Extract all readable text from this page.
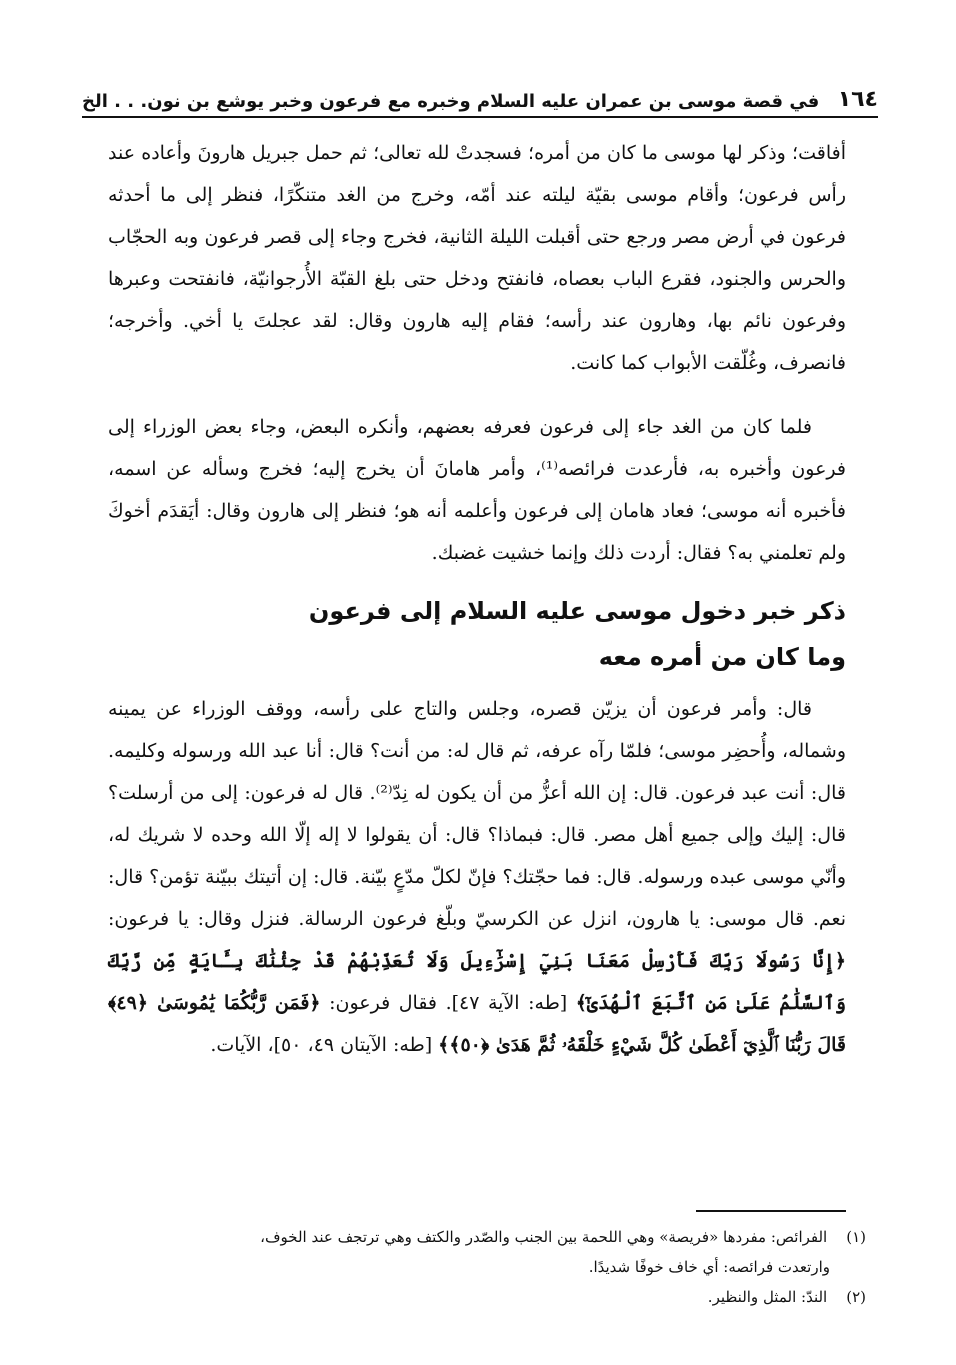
١٦٤
في قصة موسى بن عمران عليه السلام وخبره مع فرعون وخبر يوشع بن نون. . . الخ

أفاقت؛ وذكر لها موسى ما كان من أمره؛ فسجدتْ لله تعالى؛ ثم حمل جبريل هارونَ وأعاده عند رأس فرعون؛ وأقام موسى بقيّة ليلته عند أمّه، وخرج من الغد متنكّرًا، فنظر إلى ما أحدثه فرعون في أرض مصر ورجع حتى أقبلت الليلة الثانية، فخرج وجاء إلى قصر فرعون وبه الحجّاب والحرس والجنود، فقرع الباب بعصاه، فانفتح ودخل حتى بلغ القبّة الأُرجوانيّة، فانفتحت وعبرها وفرعون نائم بها، وهارون عند رأسه؛ فقام إليه هارون وقال: لقد عجلتَ يا أخي. وأخرجه؛ فانصرف، وغُلّقت الأبواب كما كانت.

فلما كان من الغد جاء إلى فرعون فعرفه بعضهم، وأنكره البعض، وجاء بعض الوزراء إلى فرعون وأخبره به، فأرعدت فرائصه⁽¹⁾، وأمر هامانَ أن يخرج إليه؛ فخرج وسأله عن اسمه، فأخبره أنه موسى؛ فعاد هامان إلى فرعون وأعلمه أنه هو؛ فنظر إلى هارون وقال: أيَقدَم أخوكَ ولم تعلمني به؟ فقال: أردت ذلك وإنما خشيت غضبك.

ذكر خبر دخول موسى عليه السلام إلى فرعون
وما كان من أمره معه

قال: وأمر فرعون أن يزيّن قصره، وجلس والتاج على رأسه، ووقف الوزراء عن يمينه وشماله، وأُحضِر موسى؛ فلمّا رآه عرفه، ثم قال له: من أنت؟ قال: أنا عبد الله ورسوله وكليمه. قال: أنت عبد فرعون. قال: إن الله أعزُّ من أن يكون له نِدّ⁽²⁾. قال له فرعون: إلى من أرسلت؟ قال: إليك وإلى جميع أهل مصر. قال: فبماذا؟ قال: أن يقولوا لا إله إلّا الله وحده لا شريك له، وأنّي موسى عبده ورسوله. قال: فما حجّتك؟ فإنّ لكلّ مدّعٍ بيّنة. قال: إن أتيتك ببيّنة تؤمن؟ قال: نعم. قال موسى: يا هارون، انزل عن الكرسيّ وبلّغ فرعون الرسالة. فنزل وقال: يا فرعون: ﴿إِنَّا رَسُولَا رَبِّكَ فَأَرْسِلْ مَعَنَا بَنِيٓ إِسْرَٰٓءِيلَ وَلَا تُعَذِّبْهُمْ قَدْ جِئْنَٰكَ بِـَٔايَةٍ مِّن رَّبِّكَ وَٱلسَّلَٰمُ عَلَىٰ مَنِ ٱتَّبَعَ ٱلْهُدَىٰٓ﴾ [طه: الآية ٤٧]. فقال فرعون: ﴿فَمَن رَّبُّكُمَا يَٰمُوسَىٰ ﴿٤٩﴾ قَالَ رَبُّنَا ٱلَّذِيٓ أَعْطَىٰ كُلَّ شَيْءٍ خَلْقَهُۥ ثُمَّ هَدَىٰ ﴿٥٠﴾﴾ [طه: الآيتان ٤٩، ٥٠]، الآيات.

(١) الفرائص: مفردها «فريصة» وهي اللحمة بين الجنب والصّدر والكتف وهي ترتجف عند الخوف،

وارتعدت فرائصه: أي خاف خوفًا شديدًا.

(٢) الندّ: المثل والنظير.
